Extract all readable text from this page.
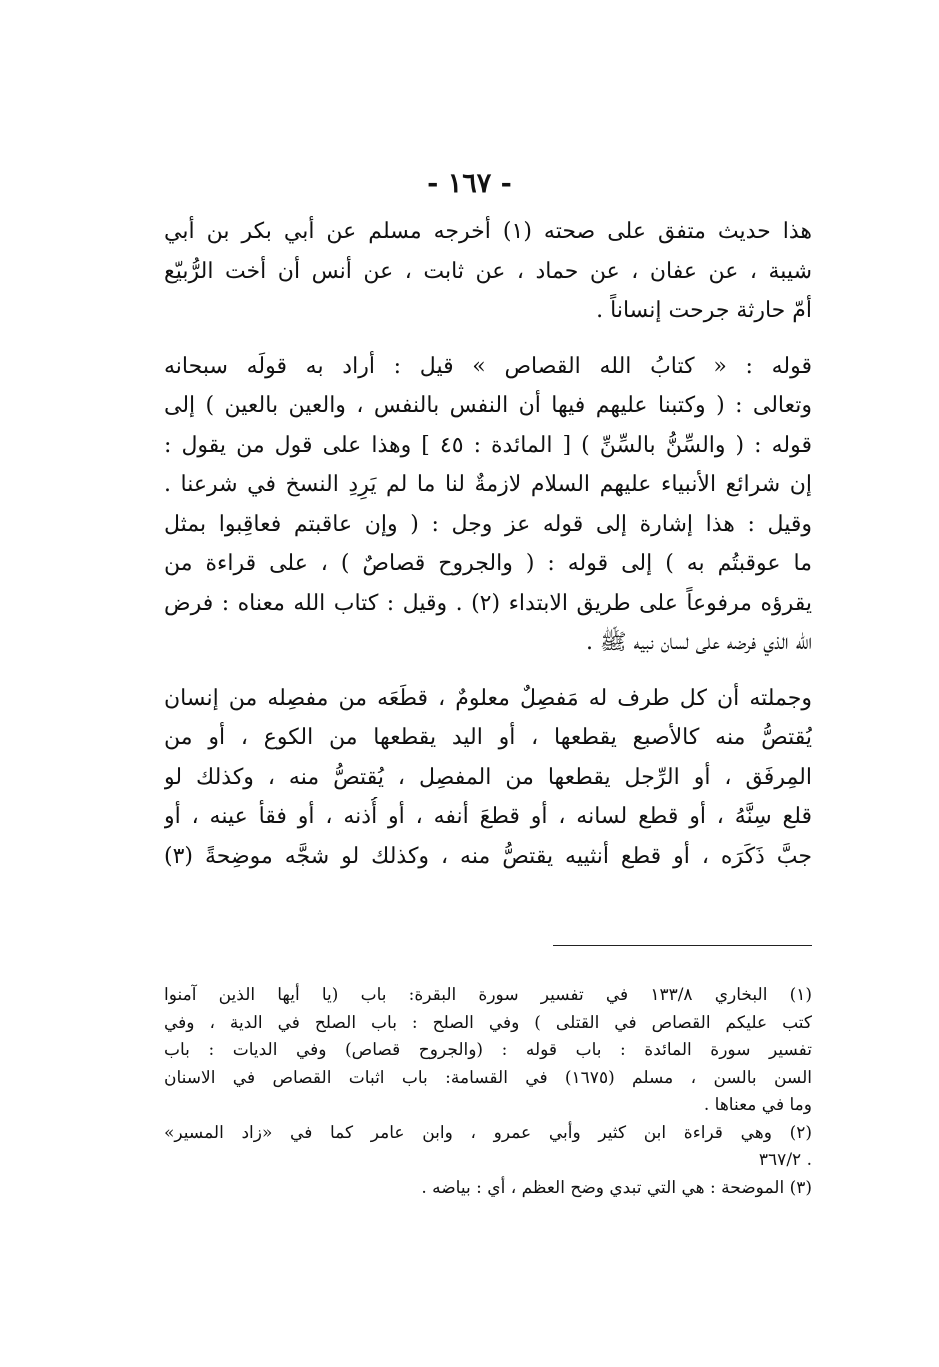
- ١٦٧ -
هذا حديث متفق على صحته (١) أخرجه مسلم عن أبي بكر بن أبي
شيبة ، عن عفان ، عن حماد ، عن ثابت ، عن أنس أن أخت الرُّبيّع
أمّ حارثة جرحت إنساناً .
قوله : « كتابُ الله القصاص » قيل : أراد به قولَه سبحانه
وتعالى : ( وكتبنا عليهم فيها أن النفس بالنفس ، والعين بالعين ) إلى
قوله : ( والسِّنُّ بالسِّنِّ ) [ المائدة : ٤٥ ] وهذا على قول من يقول :
إن شرائع الأنبياء عليهم السلام لازمةٌ لنا ما لم يَرِدِ النسخ في شرعنا .
وقيل : هذا إشارة إلى قوله عز وجل : ( وإن عاقبتم فعاقِبوا بمثل
ما عوقبتُم به ) إلى قوله : ( والجروح قصاصٌ ) ، على قراءة من
يقرؤه مرفوعاً على طريق الابتداء (٢) . وقيل : كتاب الله معناه : فرض
الله الذي فرضه على لسان نبيه ﷺ .
وجملته أن كل طرف له مَفصِلٌ معلومٌ ، قطَعَه من مفصِله من إنسان
يُقتصُّ منه كالأصبع يقطعها ، أو اليد يقطعها من الكوع ، أو من
المِرفَق ، أو الرِّجل يقطعها من المفصِل ، يُقتصُّ منه ، وكذلك لو
قلع سِنَّهُ ، أو قطع لسانه ، أو قطعَ أنفه ، أو أُذنه ، أو فقأ عينه ، أو
جبَّ ذَكَرَه ، أو قطع أنثييه يقتصُّ منه ، وكذلك لو شجَّه موضِحةً (٣)
(١) البخاري ١٣٣/٨ في تفسير سورة البقرة: باب (يا أيها الذين آمنوا
كتب عليكم القصاص في القتلى ) وفي الصلح : باب الصلح في الدية ، وفي
تفسير سورة المائدة : باب قوله : (والجروح قصاص) وفي الديات : باب
السن بالسن ، مسلم (١٦٧٥) في القسامة: باب اثبات القصاص في الاسنان
وما في معناها .
(٢) وهي قراءة ابن كثير وأبي عمرو ، وابن عامر كما في «زاد المسير»
. ٣٦٧/٢
(٣) الموضحة : هي التي تبدي وضح العظم ، أي : بياضه .
